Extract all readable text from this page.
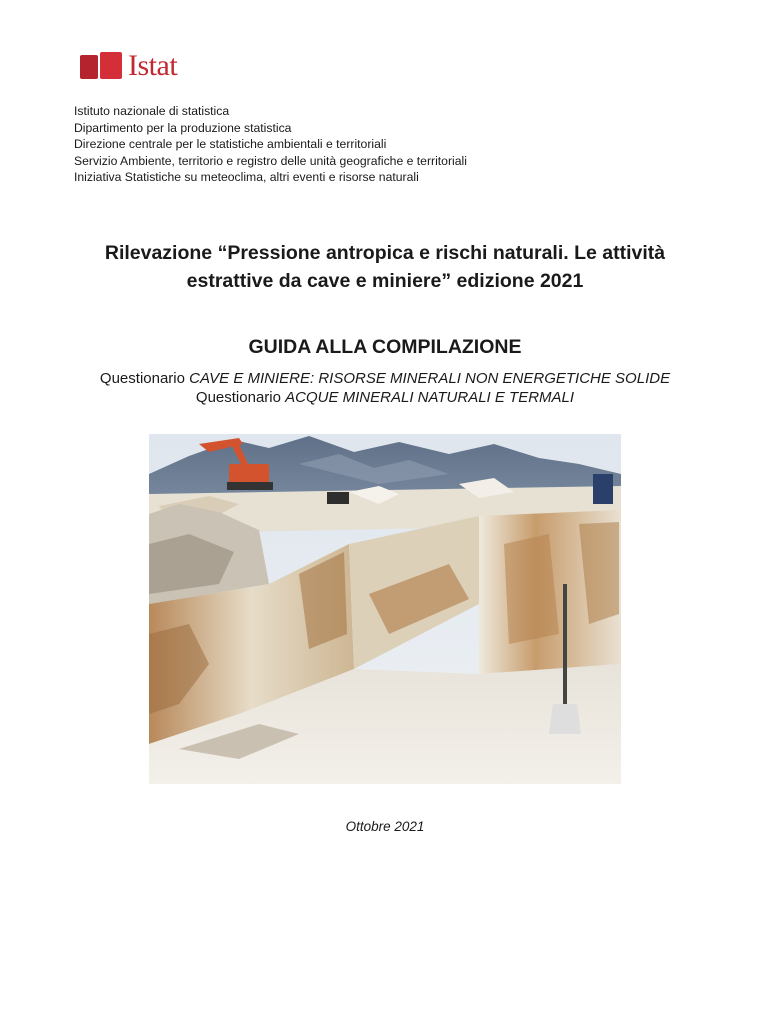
Istat
Istituto nazionale di statistica
Dipartimento per la produzione statistica
Direzione centrale per le statistiche ambientali e territoriali
Servizio Ambiente, territorio e registro delle unità geografiche e territoriali
Iniziativa Statistiche su meteoclima, altri eventi e risorse naturali
Rilevazione “Pressione antropica e rischi naturali. Le attività
estrattive da cave e miniere” edizione 2021
GUIDA ALLA COMPILAZIONE
Questionario CAVE E MINIERE: RISORSE MINERALI NON ENERGETICHE SOLIDE
Questionario ACQUE MINERALI NATURALI E TERMALI
Ottobre 2021
